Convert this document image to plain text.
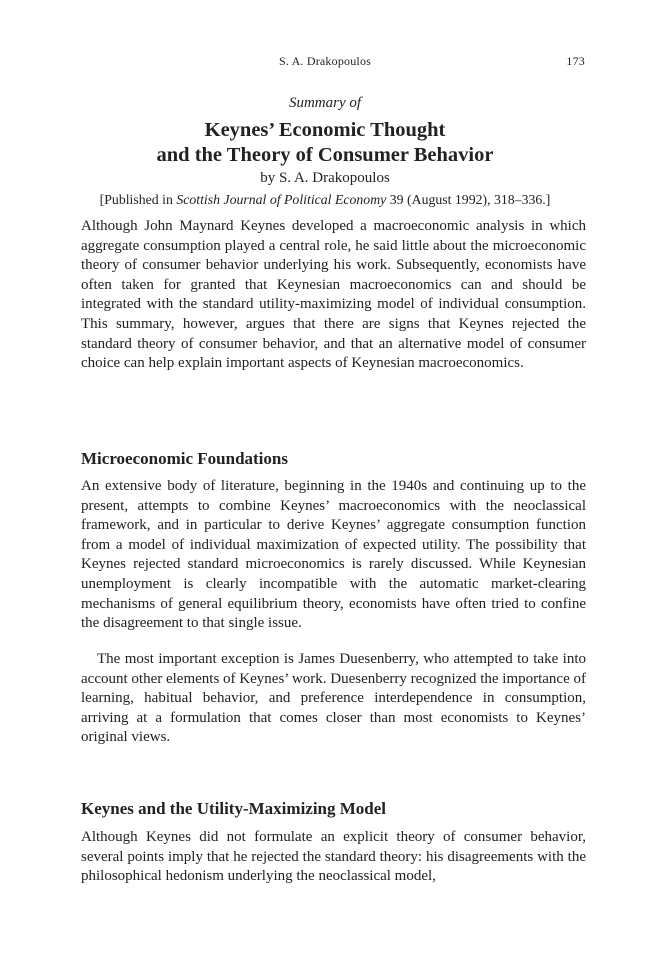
S. A. Drakopoulos	173
Summary of
Keynes’ Economic Thought
and the Theory of Consumer Behavior
by S. A. Drakopoulos
[Published in Scottish Journal of Political Economy 39 (August 1992), 318–336.]

Although John Maynard Keynes developed a macroeconomic analysis in which aggregate consumption played a central role, he said little about the microeconomic theory of consumer behavior underlying his work. Subsequently, economists have often taken for granted that Keynesian macroeconomics can and should be integrated with the standard utility-maximizing model of individual consumption. This summary, however, argues that there are signs that Keynes rejected the standard theory of consumer behavior, and that an alternative model of consumer choice can help explain important aspects of Keynesian macroeconomics.

Microeconomic Foundations

An extensive body of literature, beginning in the 1940s and continuing up to the present, attempts to combine Keynes’ macroeconomics with the neoclassical framework, and in particular to derive Keynes’ aggregate consumption function from a model of individual maximization of expected utility. The possibility that Keynes rejected standard microeconomics is rarely discussed. While Keynesian unemployment is clearly incompatible with the automatic market-clearing mechanisms of general equilibrium theory, economists have often tried to confine the disagreement to that single issue.

The most important exception is James Duesenberry, who attempted to take into account other elements of Keynes’ work. Duesenberry recognized the importance of learning, habitual behavior, and preference interdependence in consumption, arriving at a formulation that comes closer than most economists to Keynes’ original views.

Keynes and the Utility-Maximizing Model

Although Keynes did not formulate an explicit theory of consumer behavior, several points imply that he rejected the standard theory: his disagreements with the philosophical hedonism underlying the neoclassical model,
